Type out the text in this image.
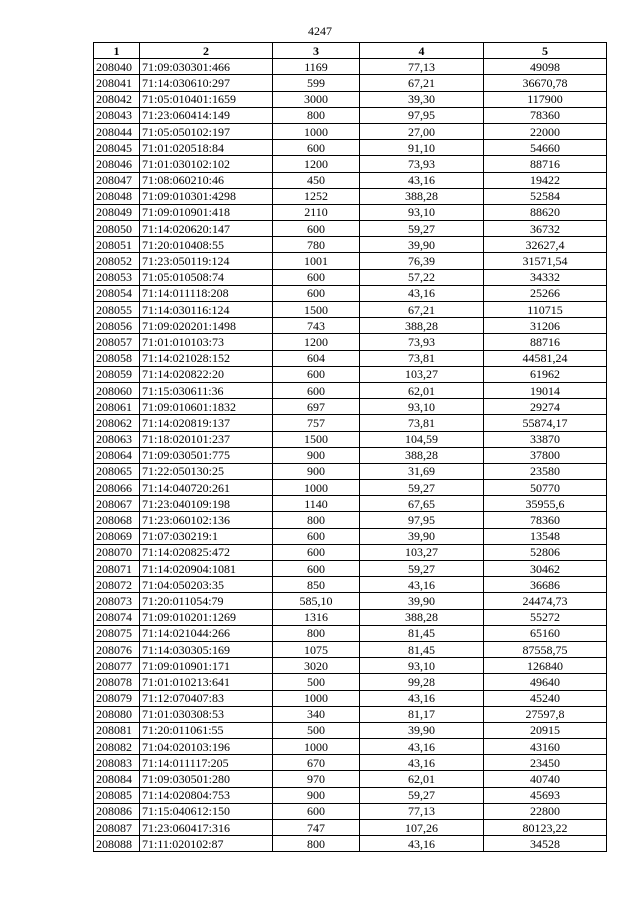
4247
1	2	3	4	5
208040	71:09:030301:466	1169	77,13	49098
208041	71:14:030610:297	599	67,21	36670,78
208042	71:05:010401:1659	3000	39,30	117900
208043	71:23:060414:149	800	97,95	78360
208044	71:05:050102:197	1000	27,00	22000
208045	71:01:020518:84	600	91,10	54660
208046	71:01:030102:102	1200	73,93	88716
208047	71:08:060210:46	450	43,16	19422
208048	71:09:010301:4298	1252	388,28	52584
208049	71:09:010901:418	2110	93,10	88620
208050	71:14:020620:147	600	59,27	36732
208051	71:20:010408:55	780	39,90	32627,4
208052	71:23:050119:124	1001	76,39	31571,54
208053	71:05:010508:74	600	57,22	34332
208054	71:14:011118:208	600	43,16	25266
208055	71:14:030116:124	1500	67,21	110715
208056	71:09:020201:1498	743	388,28	31206
208057	71:01:010103:73	1200	73,93	88716
208058	71:14:021028:152	604	73,81	44581,24
208059	71:14:020822:20	600	103,27	61962
208060	71:15:030611:36	600	62,01	19014
208061	71:09:010601:1832	697	93,10	29274
208062	71:14:020819:137	757	73,81	55874,17
208063	71:18:020101:237	1500	104,59	33870
208064	71:09:030501:775	900	388,28	37800
208065	71:22:050130:25	900	31,69	23580
208066	71:14:040720:261	1000	59,27	50770
208067	71:23:040109:198	1140	67,65	35955,6
208068	71:23:060102:136	800	97,95	78360
208069	71:07:030219:1	600	39,90	13548
208070	71:14:020825:472	600	103,27	52806
208071	71:14:020904:1081	600	59,27	30462
208072	71:04:050203:35	850	43,16	36686
208073	71:20:011054:79	585,10	39,90	24474,73
208074	71:09:010201:1269	1316	388,28	55272
208075	71:14:021044:266	800	81,45	65160
208076	71:14:030305:169	1075	81,45	87558,75
208077	71:09:010901:171	3020	93,10	126840
208078	71:01:010213:641	500	99,28	49640
208079	71:12:070407:83	1000	43,16	45240
208080	71:01:030308:53	340	81,17	27597,8
208081	71:20:011061:55	500	39,90	20915
208082	71:04:020103:196	1000	43,16	43160
208083	71:14:011117:205	670	43,16	23450
208084	71:09:030501:280	970	62,01	40740
208085	71:14:020804:753	900	59,27	45693
208086	71:15:040612:150	600	77,13	22800
208087	71:23:060417:316	747	107,26	80123,22
208088	71:11:020102:87	800	43,16	34528
